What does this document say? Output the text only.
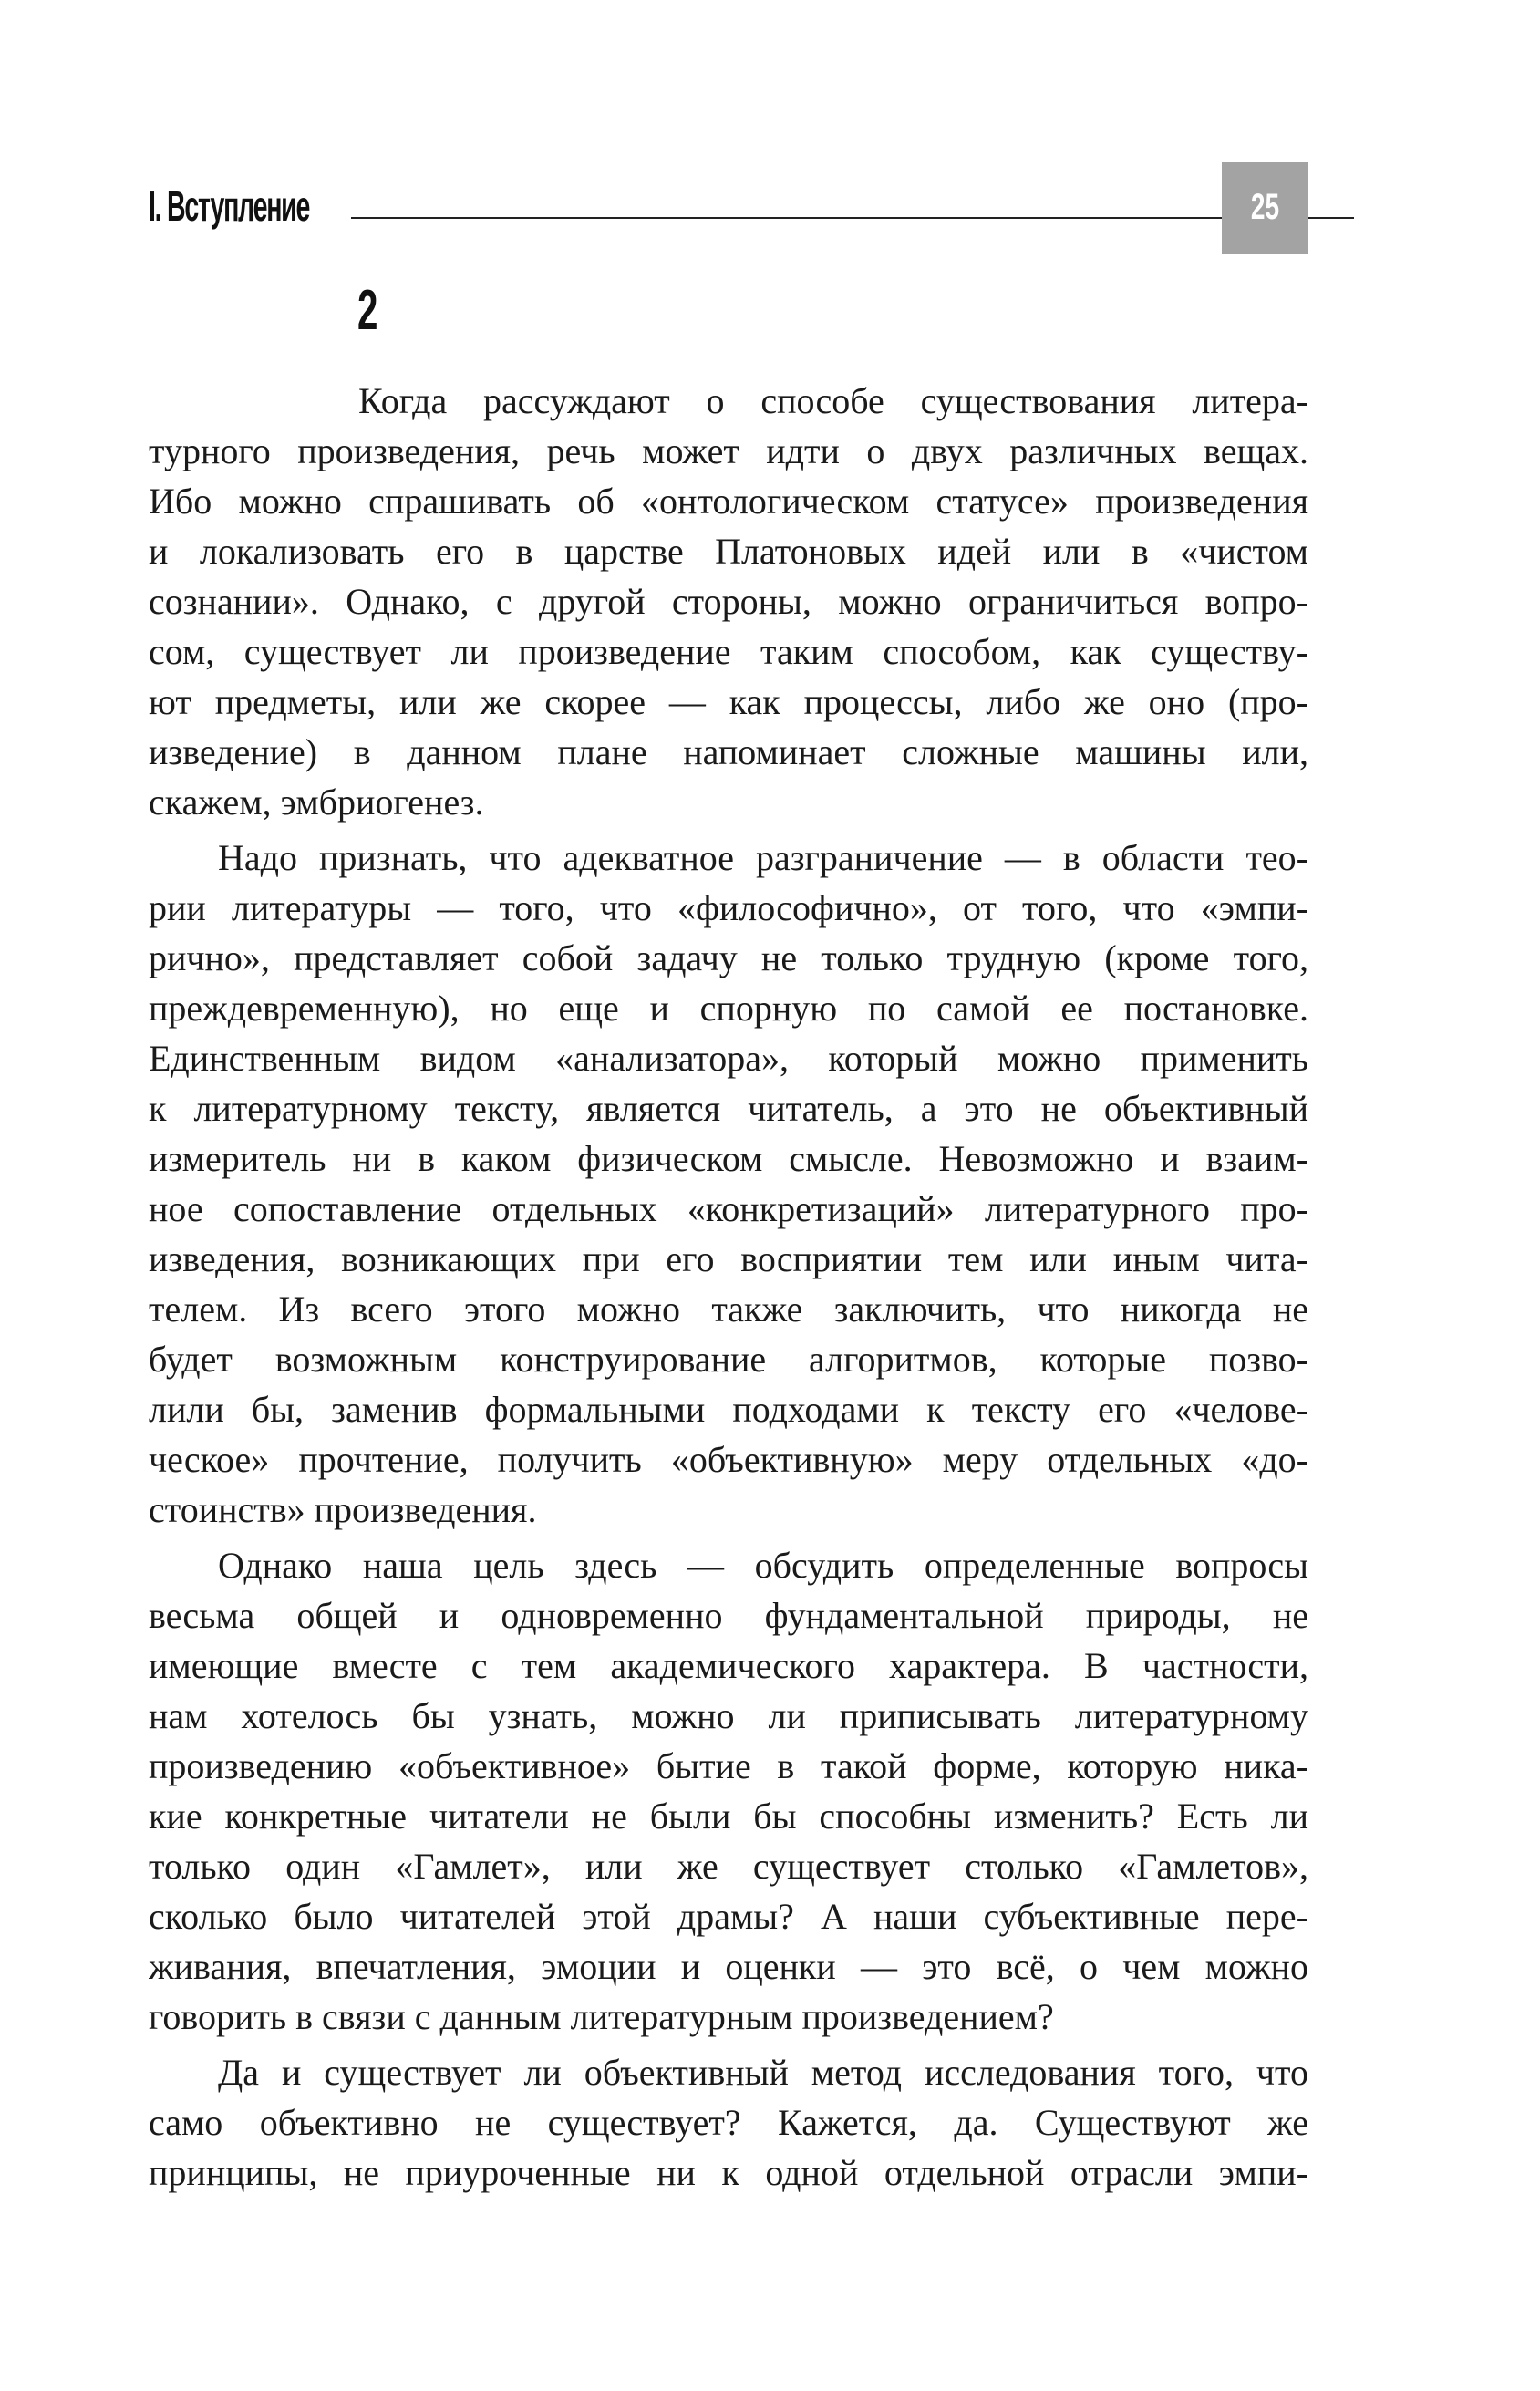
I. Вступление	25
2
Когда рассуждают о способе существования литера-
турного произведения, речь может идти о двух различных вещах.
Ибо можно спрашивать об «онтологическом статусе» произведения
и локализовать его в царстве Платоновых идей или в «чистом
сознании». Однако, с другой стороны, можно ограничиться вопро-
сом, существует ли произведение таким способом, как существу-
ют предметы, или же скорее — как процессы, либо же оно (про-
изведение) в данном плане напоминает сложные машины или,
скажем, эмбриогенез.
Надо признать, что адекватное разграничение — в области тео-
рии литературы — того, что «философично», от того, что «эмпи-
рично», представляет собой задачу не только трудную (кроме того,
преждевременную), но еще и спорную по самой ее постановке.
Единственным видом «анализатора», который можно применить
к литературному тексту, является читатель, а это не объективный
измеритель ни в каком физическом смысле. Невозможно и взаим-
ное сопоставление отдельных «конкретизаций» литературного про-
изведения, возникающих при его восприятии тем или иным чита-
телем. Из всего этого можно также заключить, что никогда не
будет возможным конструирование алгоритмов, которые позво-
лили бы, заменив формальными подходами к тексту его «челове-
ческое» прочтение, получить «объективную» меру отдельных «до-
стоинств» произведения.
Однако наша цель здесь — обсудить определенные вопросы
весьма общей и одновременно фундаментальной природы, не
имеющие вместе с тем академического характера. В частности,
нам хотелось бы узнать, можно ли приписывать литературному
произведению «объективное» бытие в такой форме, которую ника-
кие конкретные читатели не были бы способны изменить? Есть ли
только один «Гамлет», или же существует столько «Гамлетов»,
сколько было читателей этой драмы? А наши субъективные пере-
живания, впечатления, эмоции и оценки — это всё, о чем можно
говорить в связи с данным литературным произведением?
Да и существует ли объективный метод исследования того, что
само объективно не существует? Кажется, да. Существуют же
принципы, не приуроченные ни к одной отдельной отрасли эмпи-
